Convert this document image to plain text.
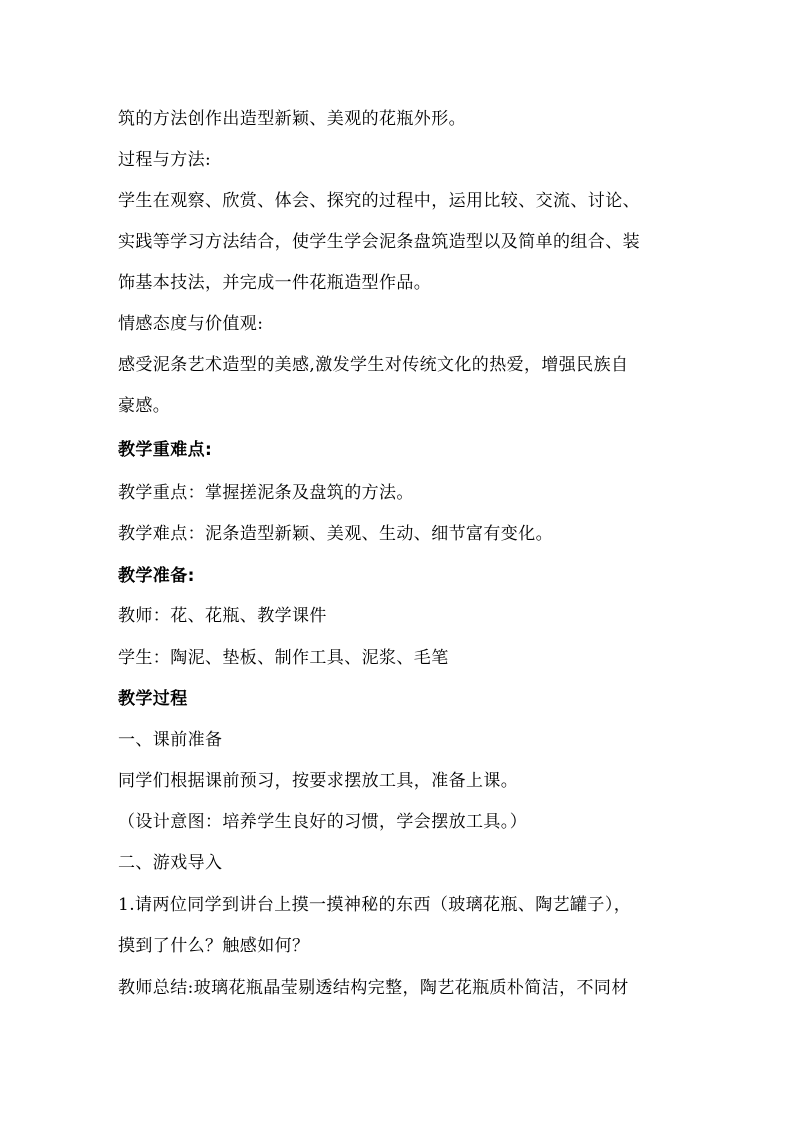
筑的方法创作出造型新颖、美观的花瓶外形。
过程与方法:
学生在观察、欣赏、体会、探究的过程中，运用比较、交流、讨论、
实践等学习方法结合，使学生学会泥条盘筑造型以及简单的组合、装
饰基本技法，并完成一件花瓶造型作品。
情感态度与价值观:
感受泥条艺术造型的美感,激发学生对传统文化的热爱，增强民族自
豪感。
教学重难点:
教学重点：掌握搓泥条及盘筑的方法。
教学难点：泥条造型新颖、美观、生动、细节富有变化。
教学准备:
教师：花、花瓶、教学课件
学生：陶泥、垫板、制作工具、泥浆、毛笔
教学过程
一、课前准备
同学们根据课前预习，按要求摆放工具，准备上课。
（设计意图：培养学生良好的习惯，学会摆放工具。）
二、游戏导入
1.请两位同学到讲台上摸一摸神秘的东西（玻璃花瓶、陶艺罐子），
摸到了什么？触感如何？
教师总结:玻璃花瓶晶莹剔透结构完整，陶艺花瓶质朴简洁，不同材
